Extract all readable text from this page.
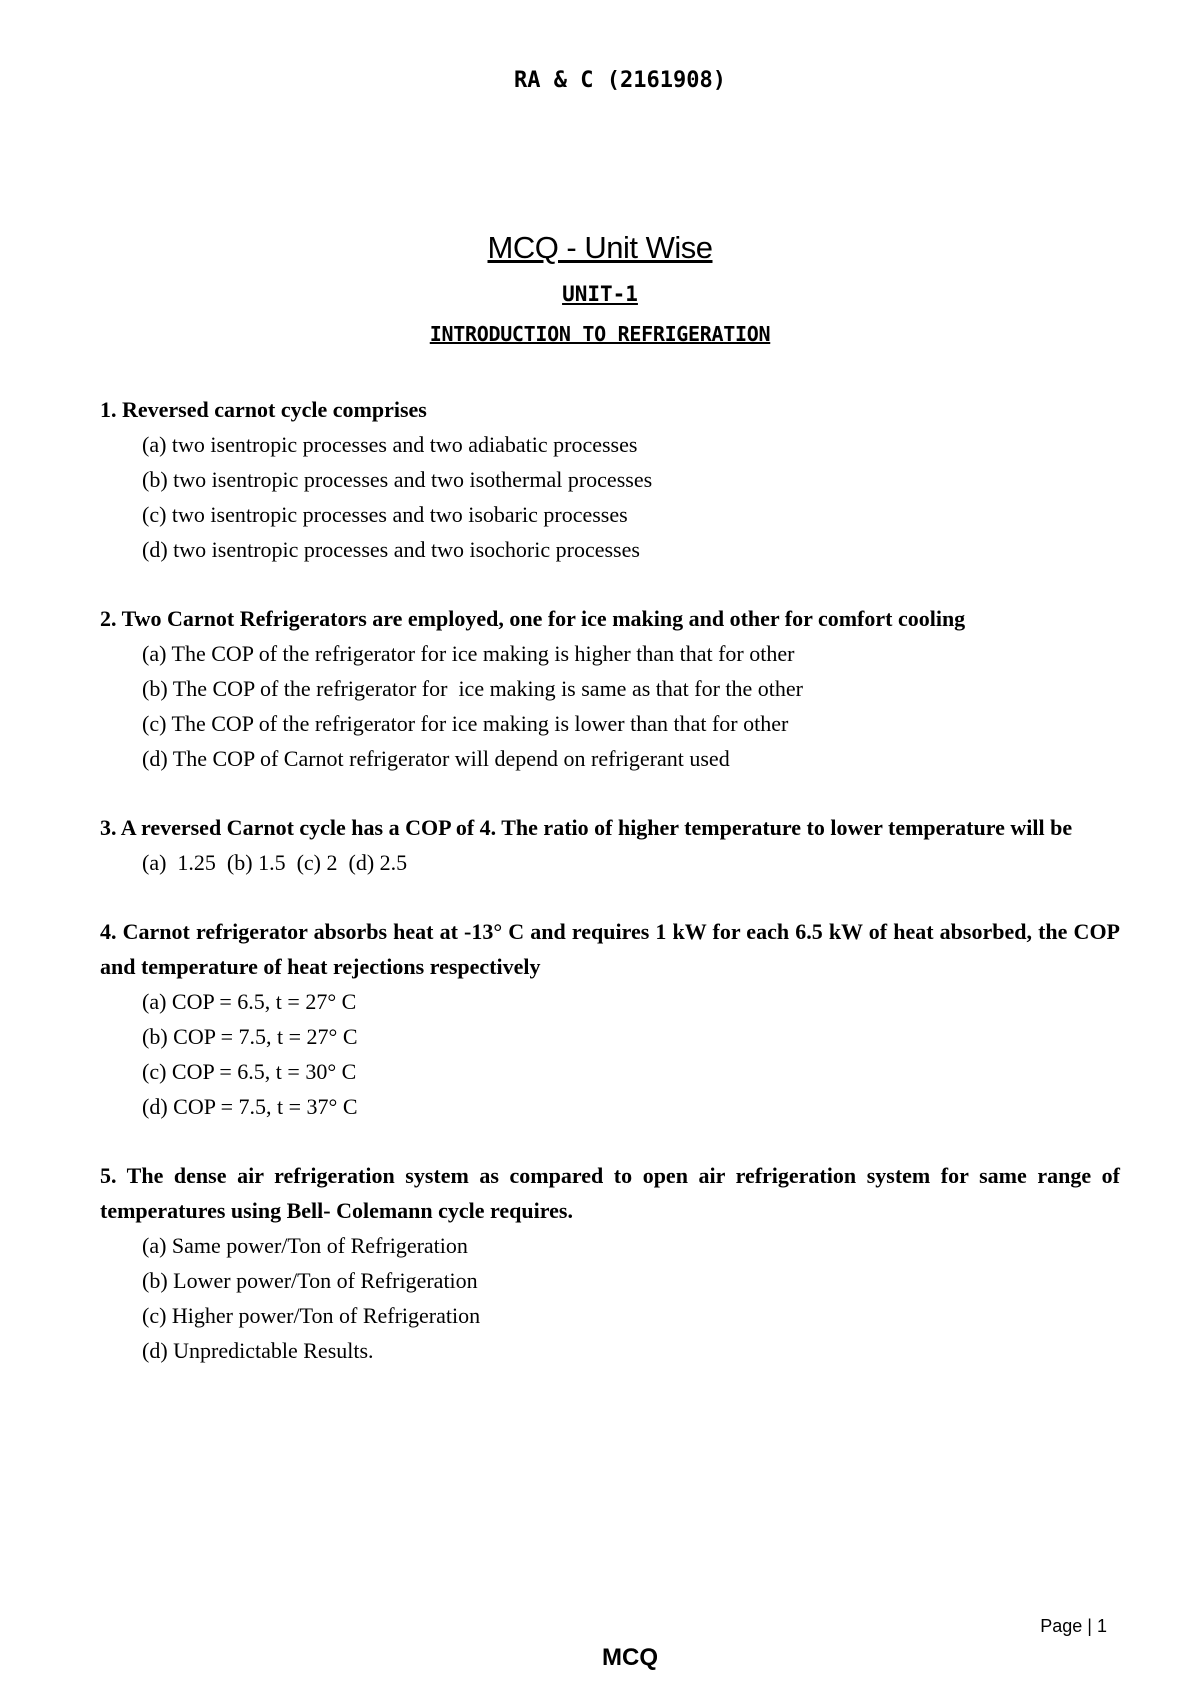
RA & C (2161908)
MCQ - Unit Wise
UNIT-1
INTRODUCTION TO REFRIGERATION
1. Reversed carnot cycle comprises
(a) two isentropic processes and two adiabatic processes
(b) two isentropic processes and two isothermal processes
(c) two isentropic processes and two isobaric processes
(d) two isentropic processes and two isochoric processes
2. Two Carnot Refrigerators are employed, one for ice making and other for comfort cooling
(a) The COP of the refrigerator for ice making is higher than that for other
(b) The COP of the refrigerator for  ice making is same as that for the other
(c) The COP of the refrigerator for ice making is lower than that for other
(d) The COP of Carnot refrigerator will depend on refrigerant used
3. A reversed Carnot cycle has a COP of 4. The ratio of higher temperature to lower temperature will be
(a)  1.25  (b) 1.5  (c) 2  (d) 2.5
4. Carnot refrigerator absorbs heat at -13° C and requires 1 kW for each 6.5 kW of heat absorbed, the COP and temperature of heat rejections respectively
(a) COP = 6.5, t = 27° C
(b) COP = 7.5, t = 27° C
(c) COP = 6.5, t = 30° C
(d) COP = 7.5, t = 37° C
5. The dense air refrigeration system as compared to open air refrigeration system for same range of temperatures using Bell- Colemann cycle requires.
(a) Same power/Ton of Refrigeration
(b) Lower power/Ton of Refrigeration
(c) Higher power/Ton of Refrigeration
(d) Unpredictable Results.
Page | 1
MCQ
